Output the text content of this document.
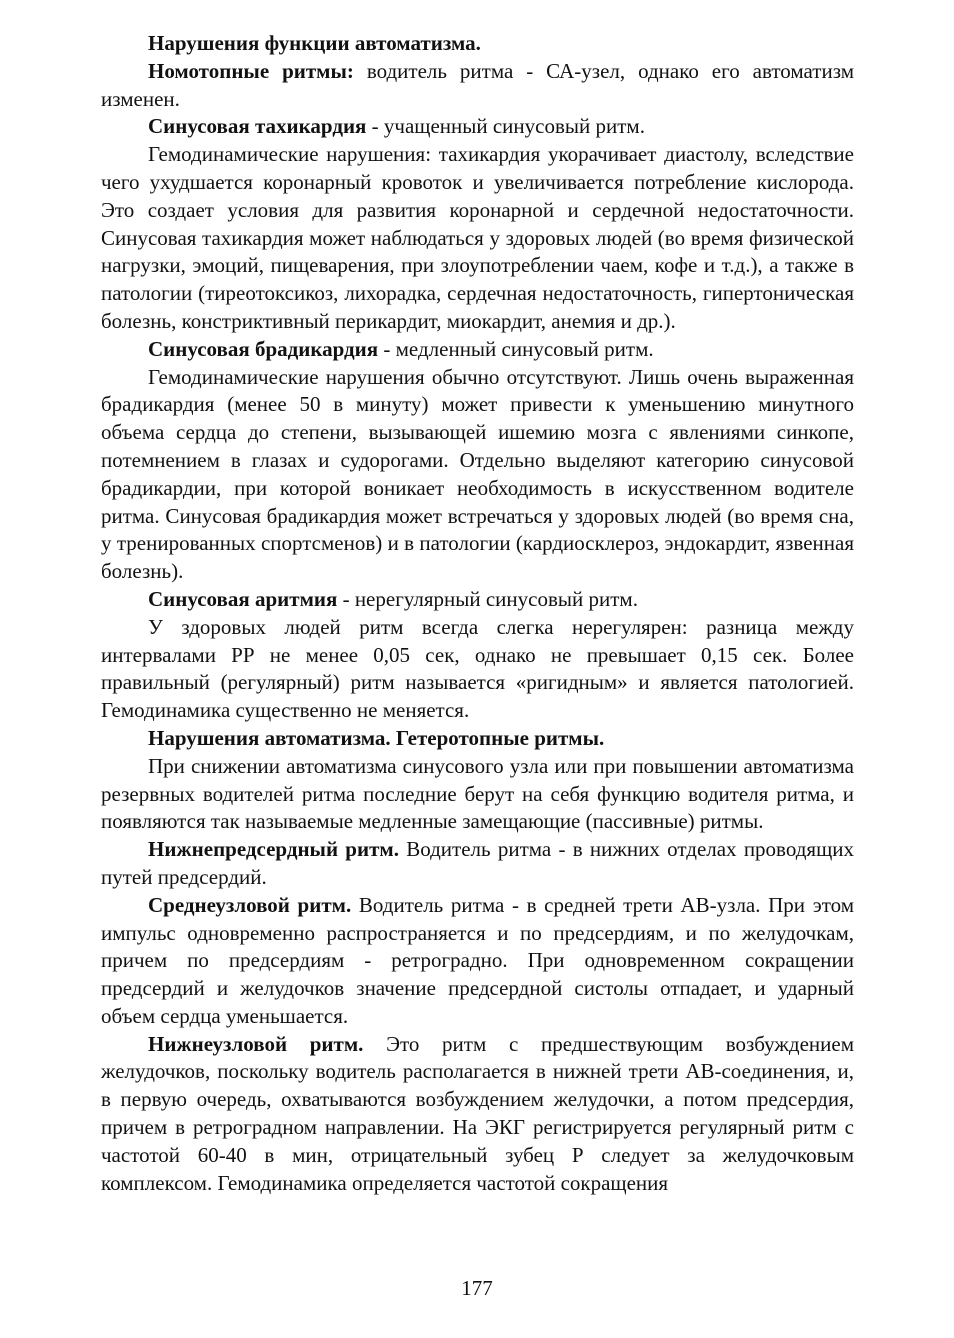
Нарушения функции автоматизма.

Номотопные ритмы: водитель ритма - СА-узел, однако его автоматизм изменен.

Синусовая тахикардия - учащенный синусовый ритм.

Гемодинамические нарушения: тахикардия укорачивает диастолу, вследствие чего ухудшается коронарный кровоток и увеличивается потребление кислорода. Это создает условия для развития коронарной и сердечной недостаточности. Синусовая тахикардия может наблюдаться у здоровых людей (во время физической нагрузки, эмоций, пищеварения, при злоупотреблении чаем, кофе и т.д.), а также в патологии (тиреотоксикоз, лихорадка, сердечная недостаточность, гипертоническая болезнь, констриктивный перикардит, миокардит, анемия и др.).

Синусовая брадикардия - медленный синусовый ритм.

Гемодинамические нарушения обычно отсутствуют. Лишь очень выраженная брадикардия (менее 50 в минуту) может привести к уменьшению минутного объема сердца до степени, вызывающей ишемию мозга с явлениями синкопе, потемнением в глазах и судорогами. Отдельно выделяют категорию синусовой брадикардии, при которой воникает необходимость в искусственном водителе ритма. Синусовая брадикардия может встречаться у здоровых людей (во время сна, у тренированных спортсменов) и в патологии (кардиосклероз, эндокардит, язвенная болезнь).

Синусовая аритмия - нерегулярный синусовый ритм.

У здоровых людей ритм всегда слегка нерегулярен: разница между интервалами РР не менее 0,05 сек, однако не превышает 0,15 сек. Более правильный (регулярный) ритм называется «ригидным» и является патологией. Гемодинамика существенно не меняется.

Нарушения автоматизма. Гетеротопные ритмы.

При снижении автоматизма синусового узла или при повышении автоматизма резервных водителей ритма последние берут на себя функцию водителя ритма, и появляются так называемые медленные замещающие (пассивные) ритмы.

Нижнепредсердный ритм. Водитель ритма - в нижних отделах проводящих путей предсердий.

Среднеузловой ритм. Водитель ритма - в средней трети АВ-узла. При этом импульс одновременно распространяется и по предсердиям, и по желудочкам, причем по предсердиям - ретроградно. При одновременном сокращении предсердий и желудочков значение предсердной систолы отпадает, и ударный объем сердца уменьшается.

Нижнеузловой ритм. Это ритм с предшествующим возбуждением желудочков, поскольку водитель располагается в нижней трети АВ-соединения, и, в первую очередь, охватываются возбуждением желудочки, а потом предсердия, причем в ретроградном направлении. На ЭКГ регистрируется регулярный ритм с частотой 60-40 в мин, отрицательный зубец Р следует за желудочковым комплексом. Гемодинамика определяется частотой сокращения

177
